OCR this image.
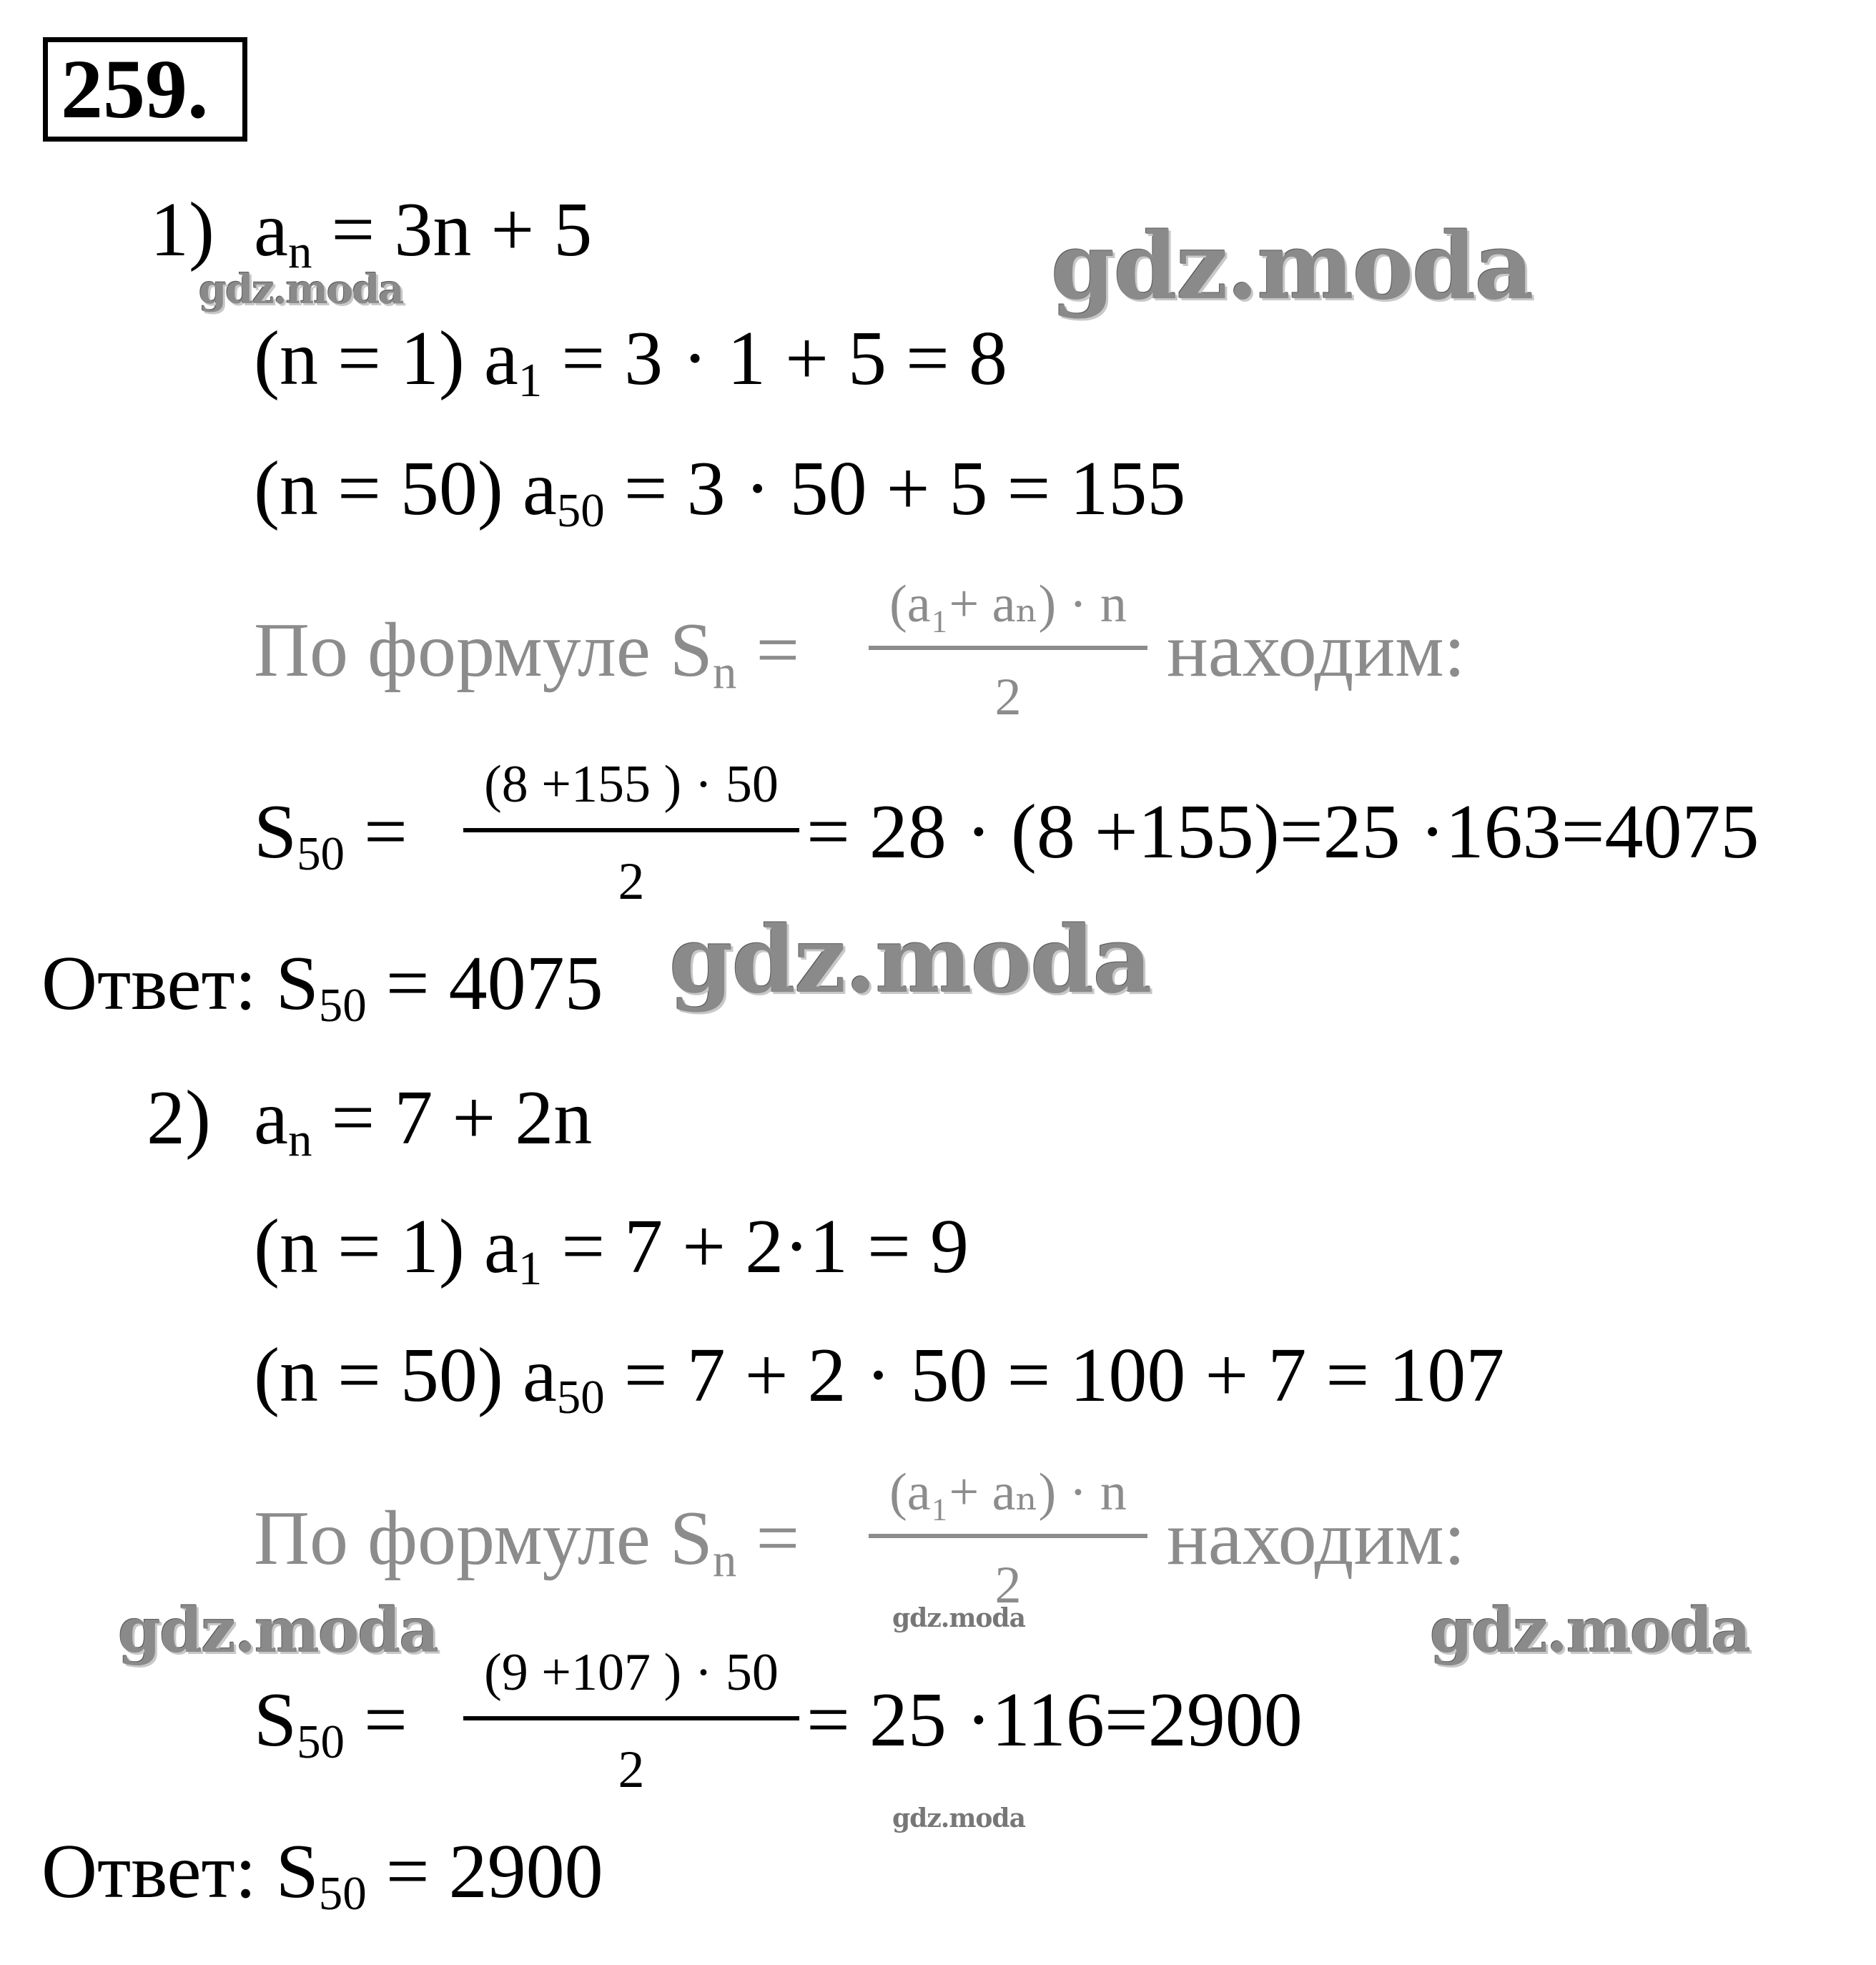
259.
1) an = 3n + 5
(n = 1) a1 = 3 · 1 + 5 = 8
(n = 50) a50 = 3 · 50 + 5 = 155
По формуле Sn =
(a₁+ aₙ) · n
2
находим:
S50 =
(8 +155 ) · 50
2
= 28 · (8 +155)=25 ·163=4075
Ответ: S50 = 4075
2) an = 7 + 2n
(n = 1) a1 = 7 + 2·1 = 9
(n = 50) a50 = 7 + 2 · 50 = 100 + 7 = 107
По формуле Sn =
(a₁+ aₙ) · n
2
находим:
S50 =
(9 +107 ) · 50
2
= 25 ·116=2900
Ответ: S50 = 2900
gdz.moda
gdz.moda
gdz.moda
gdz.moda	gdz.moda
gdz.moda
gdz.moda
